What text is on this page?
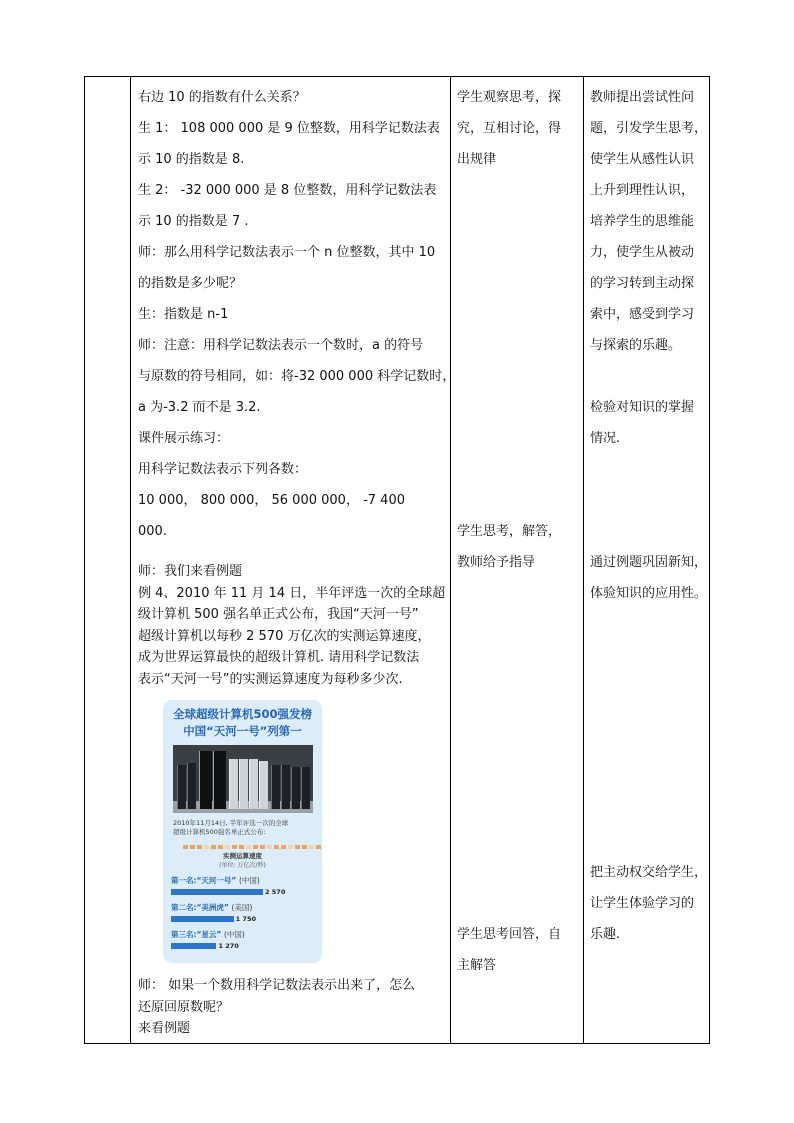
右边 10 的指数有什么关系？
生 1： 108 000 000 是 9 位整数，用科学记数法表
示 10 的指数是 8.
生 2： -32 000 000 是 8 位整数，用科学记数法表
示 10 的指数是 7 .
师：那么用科学记数法表示一个 n 位整数，其中 10
的指数是多少呢？
生：指数是 n-1
师：注意：用科学记数法表示一个数时，a 的符号
与原数的符号相同，如：将-32 000 000 科学记数时，
a 为-3.2 而不是 3.2.
课件展示练习：
用科学记数法表示下列各数：
10 000， 800 000， 56 000 000， -7 400
000.
师：我们来看例题
例 4、2010 年 11 月 14 日，半年评选一次的全球超
级计算机 500 强名单正式公布，我国“天河一号”
超级计算机以每秒 2 570 万亿次的实测运算速度，
成为世界运算最快的超级计算机. 请用科学记数法
表示“天河一号”的实测运算速度为每秒多少次.
全球超级计算机500强发榜
中国“天河一号”列第一
2010年11月14日, 半年评选一次的全球
超级计算机500强名单正式公布:
实测运算速度
(单位: 万亿次/秒)
第一名:“天河一号” (中国)
2 570
第二名:“美洲虎” (美国)
1 750
第三名:“星云” (中国)
1 270
师： 如果一个数用科学记数法表示出来了，怎么
还原回原数呢？
来看例题
学生观察思考，探
究，互相讨论，得
出规律
学生思考，解答，
教师给予指导
学生思考回答，自
主解答
教师提出尝试性问
题，引发学生思考，
使学生从感性认识
上升到理性认识，
培养学生的思维能
力，使学生从被动
的学习转到主动探
索中，感受到学习
与探索的乐趣。
检验对知识的掌握
情况.
通过例题巩固新知，
体验知识的应用性。
把主动权交给学生，
让学生体验学习的
乐趣.
